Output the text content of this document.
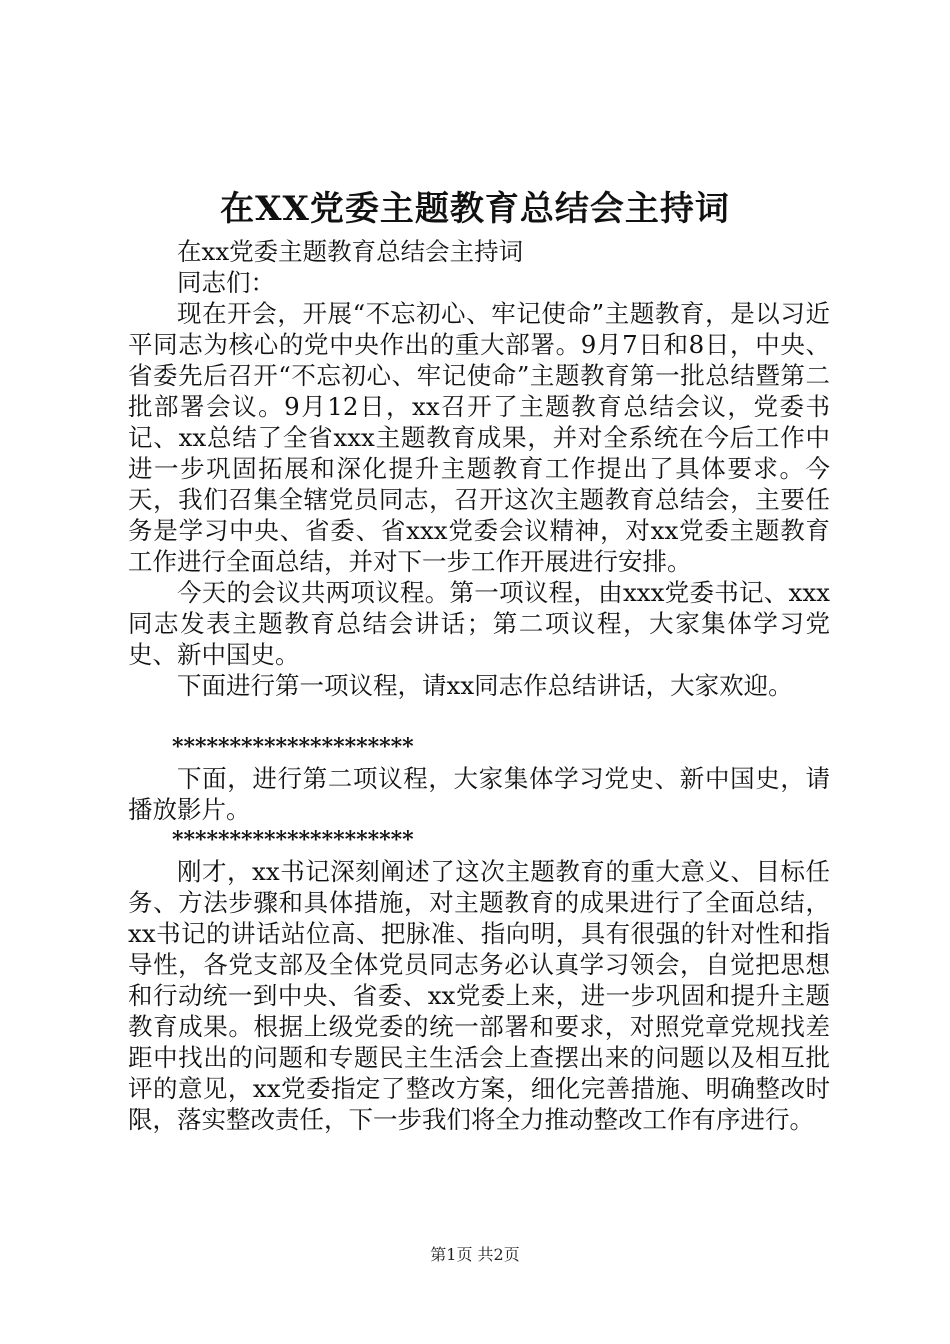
在XX党委主题教育总结会主持词

在xx党委主题教育总结会主持词

同志们：

现在开会，开展“不忘初心、牢记使命”主题教育，是以习近平同志为核心的党中央作出的重大部署。9月7日和8日，中央、省委先后召开“不忘初心、牢记使命”主题教育第一批总结暨第二批部署会议。9月12日，xx召开了主题教育总结会议，党委书记、xx总结了全省xxx主题教育成果，并对全系统在今后工作中进一步巩固拓展和深化提升主题教育工作提出了具体要求。今天，我们召集全辖党员同志，召开这次主题教育总结会，主要任务是学习中央、省委、省xxx党委会议精神，对xx党委主题教育工作进行全面总结，并对下一步工作开展进行安排。

今天的会议共两项议程。第一项议程，由xxx党委书记、xxx同志发表主题教育总结会讲话；第二项议程，大家集体学习党史、新中国史。

下面进行第一项议程，请xx同志作总结讲话，大家欢迎。

*********************

下面，进行第二项议程，大家集体学习党史、新中国史，请播放影片。

*********************

刚才，xx书记深刻阐述了这次主题教育的重大意义、目标任务、方法步骤和具体措施，对主题教育的成果进行了全面总结，xx书记的讲话站位高、把脉准、指向明，具有很强的针对性和指导性，各党支部及全体党员同志务必认真学习领会，自觉把思想和行动统一到中央、省委、xx党委上来，进一步巩固和提升主题教育成果。根据上级党委的统一部署和要求，对照党章党规找差距中找出的问题和专题民主生活会上查摆出来的问题以及相互批评的意见，xx党委指定了整改方案，细化完善措施、明确整改时限，落实整改责任，下一步我们将全力推动整改工作有序进行。

第1页 共2页
